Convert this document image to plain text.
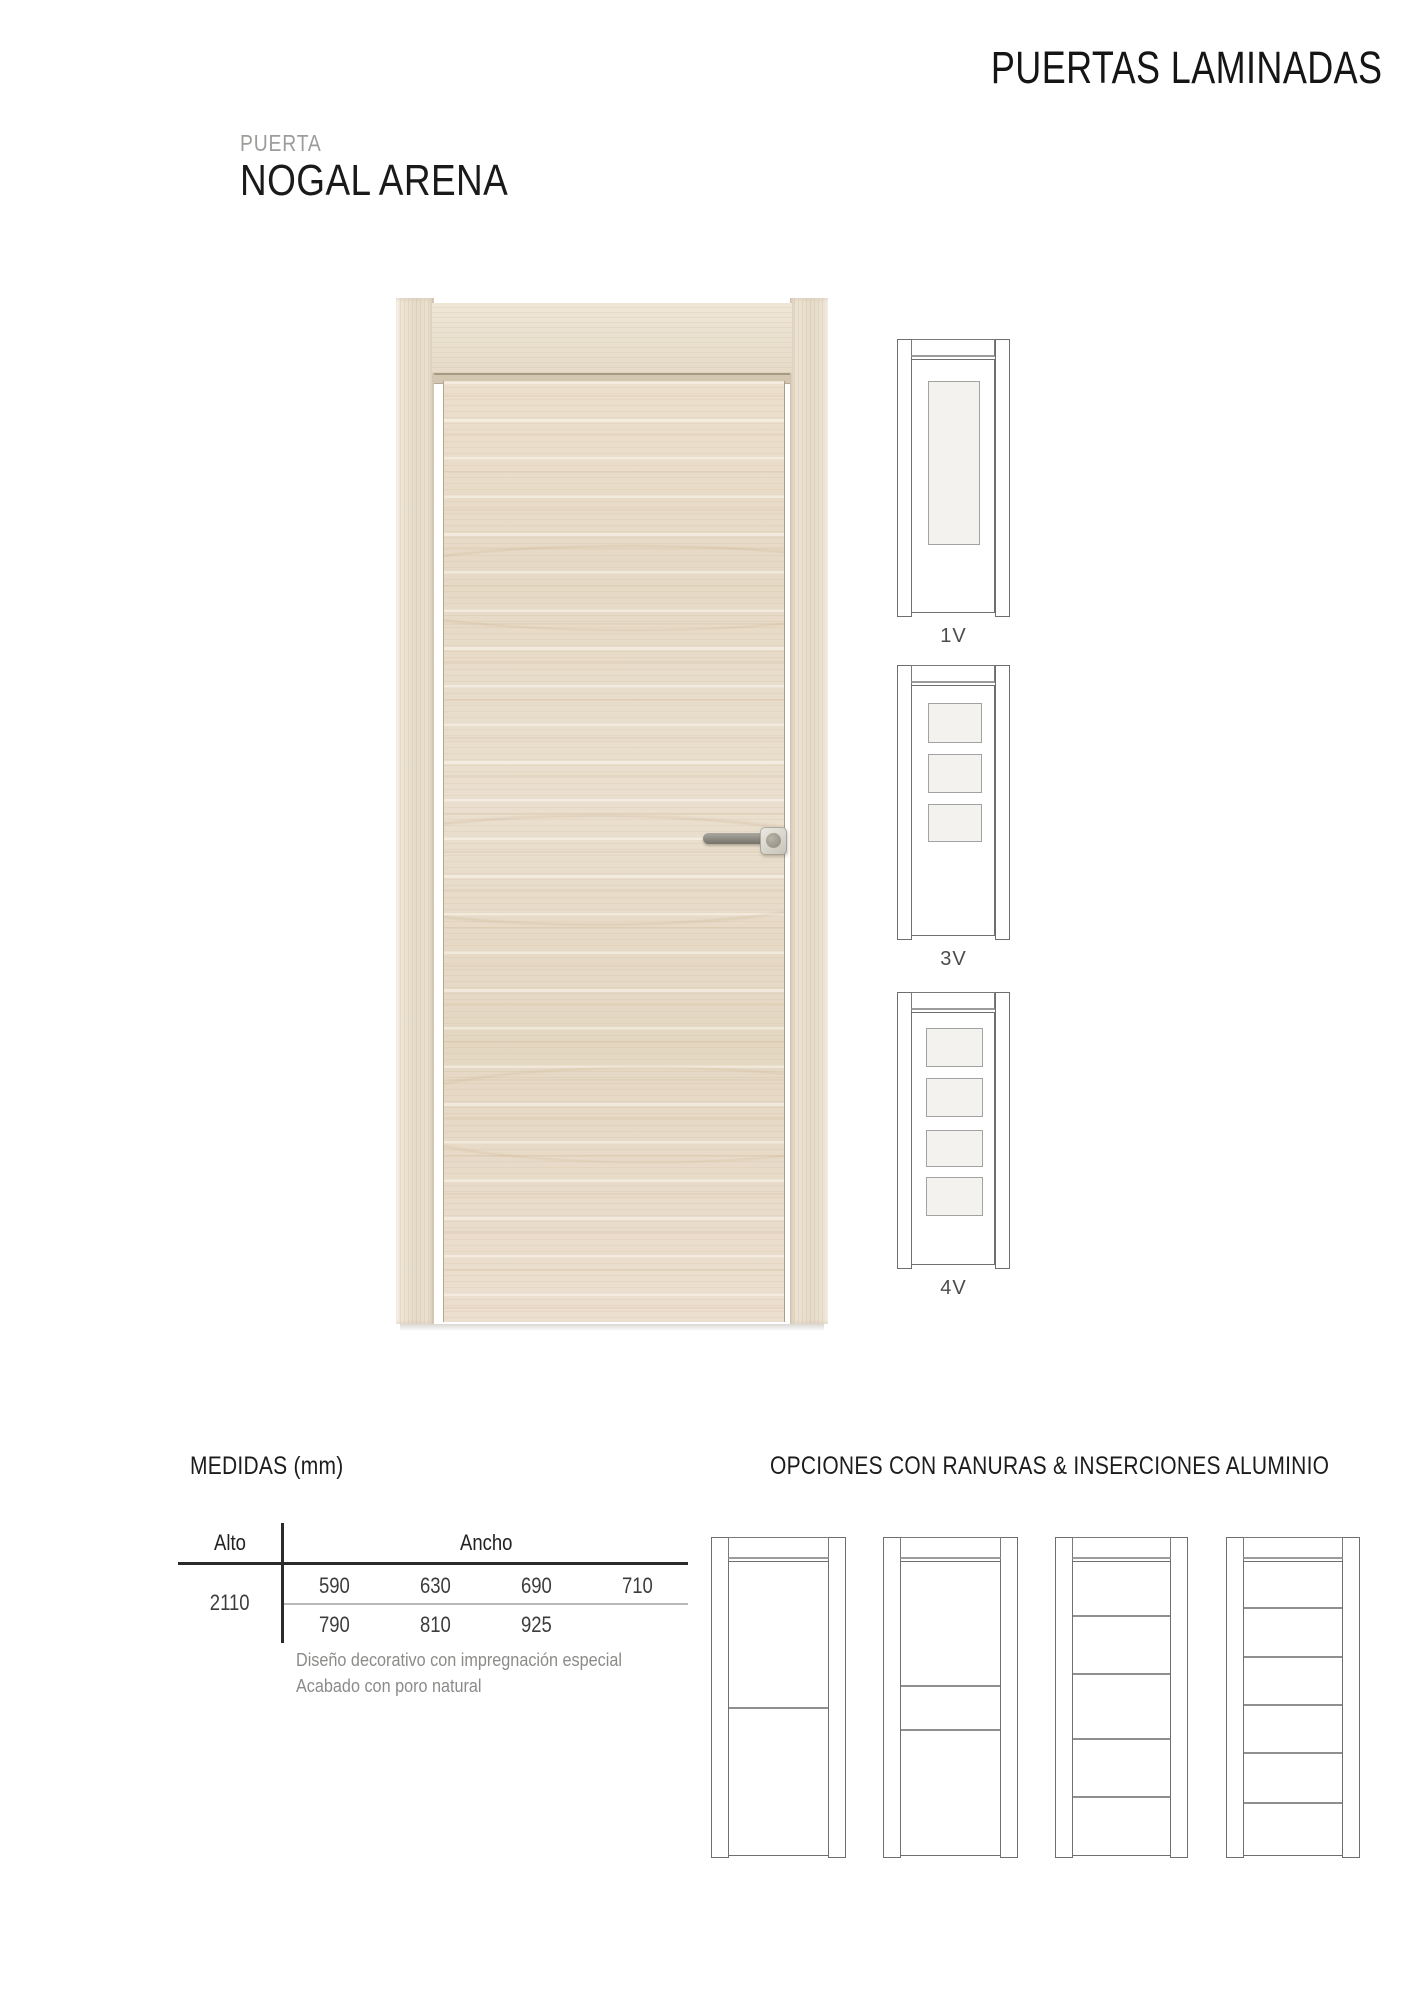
PUERTAS LAMINADAS
PUERTA
NOGAL ARENA
1V
3V
4V
MEDIDAS (mm)
Alto	Ancho
2110
590	630	690	710
790	810	925
Diseño decorativo con impregnación especial
Acabado con poro natural
OPCIONES CON RANURAS & INSERCIONES ALUMINIO
